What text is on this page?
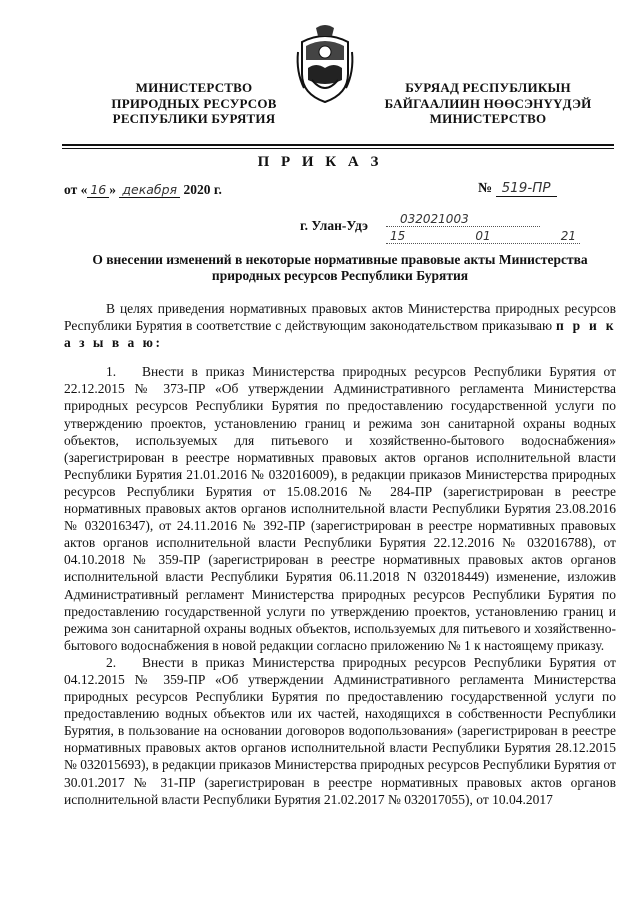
МИНИСТЕРСТВО
ПРИРОДНЫХ РЕСУРСОВ
РЕСПУБЛИКИ БУРЯТИЯ
БУРЯАД РЕСПУБЛИКЫН
БАЙГААЛИИН НӨӨСЭНҮҮДЭЙ
МИНИСТЕРСТВО
П Р И К А З
от « 16 » декабря 2020 г.	№ 519-ПР
г. Улан-Удэ	032021003
15	01	21
О внесении изменений в некоторые нормативные правовые акты Министерства природных ресурсов Республики Бурятия

В целях приведения нормативных правовых актов Министерства природных ресурсов Республики Бурятия в соответствие с действующим законодательством приказываю п р и к а з ы в а ю:

1. Внести в приказ Министерства природных ресурсов Республики Бурятия от 22.12.2015 № 373-ПР «Об утверждении Административного регламента Министерства природных ресурсов Республики Бурятия по предоставлению государственной услуги по утверждению проектов, установлению границ и режима зон санитарной охраны водных объектов, используемых для питьевого и хозяйственно-бытового водоснабжения» (зарегистрирован в реестре нормативных правовых актов органов исполнительной власти Республики Бурятия 21.01.2016 № 032016009), в редакции приказов Министерства природных ресурсов Республики Бурятия от 15.08.2016 № 284-ПР (зарегистрирован в реестре нормативных правовых актов органов исполнительной власти Республики Бурятия 23.08.2016 № 032016347), от 24.11.2016 № 392-ПР (зарегистрирован в реестре нормативных правовых актов органов исполнительной власти Республики Бурятия 22.12.2016 № 032016788), от 04.10.2018 № 359-ПР (зарегистрирован в реестре нормативных правовых актов органов исполнительной власти Республики Бурятия 06.11.2018 N 032018449) изменение, изложив Административный регламент Министерства природных ресурсов Республики Бурятия по предоставлению государственной услуги по утверждению проектов, установлению границ и режима зон санитарной охраны водных объектов, используемых для питьевого и хозяйственно-бытового водоснабжения в новой редакции согласно приложению № 1 к настоящему приказу.

2. Внести в приказ Министерства природных ресурсов Республики Бурятия от 04.12.2015 № 359-ПР «Об утверждении Административного регламента Министерства природных ресурсов Республики Бурятия по предоставлению государственной услуги по предоставлению водных объектов или их частей, находящихся в собственности Республики Бурятия, в пользование на основании договоров водопользования» (зарегистрирован в реестре нормативных правовых актов органов исполнительной власти Республики Бурятия 28.12.2015 № 032015693), в редакции приказов Министерства природных ресурсов Республики Бурятия от 30.01.2017 № 31-ПР (зарегистрирован в реестре нормативных правовых актов органов исполнительной власти Республики Бурятия 21.02.2017 № 032017055), от 10.04.2017
